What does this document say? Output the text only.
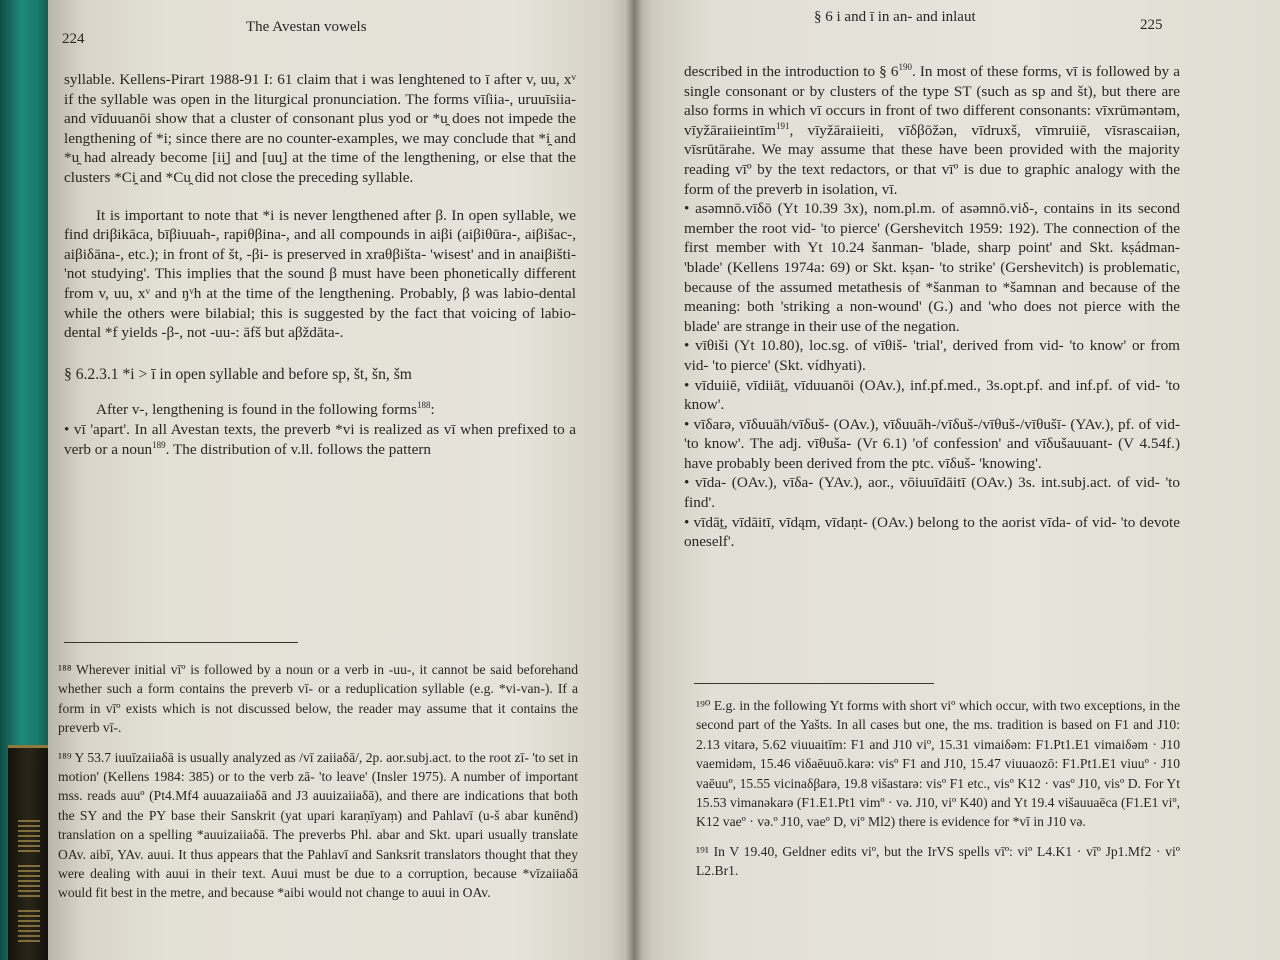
224
The Avestan vowels

syllable. Kellens-Pirart 1988-91 I: 61 claim that i was lenghtened to ī after v, uu, xᵛ if the syllable was open in the liturgical pronunciation. The forms vīſiia-, uruuīsiia- and vīduuanōi show that a cluster of consonant plus yod or *u̯ does not impede the lengthening of *i; since there are no counter-examples, we may conclude that *i̯ and *u̯ had already become [ii̯] and [uu̯] at the time of the lengthening, or else that the clusters *Ci̯ and *Cu̯ did not close the preceding syllable.

It is important to note that *i is never lengthened after β. In open syllable, we find driβikāca, bīβiuuah-, rapiθβina-, and all compounds in aiβi (aiβiθūra-, aiβišac-, aiβiδāna-, etc.); in front of št, -βi- is preserved in xraθβišta- 'wisest' and in anaiβišti- 'not studying'. This implies that the sound β must have been phonetically different from v, uu, xᵛ and ŋᵛh at the time of the lengthening. Probably, β was labio-dental while the others were bilabial; this is suggested by the fact that voicing of labio-dental *f yields -β-, not -uu-: āfš but aβždāta-.

§ 6.2.3.1 *i > ī in open syllable and before sp, št, šn, šm

After v-, lengthening is found in the following forms$^{188}$:

• vī 'apart'. In all Avestan texts, the preverb *vi is realized as vī when prefixed to a verb or a noun$^{189}$. The distribution of v.ll. follows the pattern

¹⁸⁸ Wherever initial vīº is followed by a noun or a verb in -uu-, it cannot be said beforehand whether such a form contains the preverb vī- or a reduplication syllable (e.g. *vi-van-). If a form in vīº exists which is not discussed below, the reader may assume that it contains the preverb vī-.

¹⁸⁹ Y 53.7 iuuīzaiiaδā is usually analyzed as /vī zaiiaδā/, 2p. aor.subj.act. to the root zī- 'to set in motion' (Kellens 1984: 385) or to the verb zā- 'to leave' (Insler 1975). A number of important mss. reads auuº (Pt4.Mf4 auuazaiiaδā and J3 auuizaiiaδā), and there are indications that both the SY and the PY base their Sanskrit (yat upari karaṇīyaṃ) and Pahlavī (u-š abar kunēnd) translation on a spelling *auuizaiiaδā. The preverbs Phl. abar and Skt. upari usually translate OAv. aibī, YAv. auui. It thus appears that the Pahlavī and Sanksrit translators thought that they were dealing with auui in their text. Auui must be due to a corruption, because *vīzaiiaδā would fit best in the metre, and because *aibi would not change to auui in OAv.

§ 6 i and ī in an- and inlaut	225

described in the introduction to § $6^{190}$. In most of these forms, vī is followed by a single consonant or by clusters of the type ST (such as sp and št), but there are also forms in which vī occurs in front of two different consonants: vīxrūmәntәm, vīyžāraiieintīm$^{191}$, vīyžāraiieiti, vīδβōžәn, vīdruxš, vīmruiiē, vīsrascaiiәn, vīsrūtārahe. We may assume that these have been provided with the majority reading vīº by the text redactors, or that vīº is due to graphic analogy with the form of the preverb in isolation, vī.

• asәmnō.vīδō (Yt 10.39 3x), nom.pl.m. of asәmnō.viδ-, contains in its second member the root vid- 'to pierce' (Gershevitch 1959: 192). The connection of the first member with Yt 10.24 šanman- 'blade, sharp point' and Skt. kṣádman- 'blade' (Kellens 1974a: 69) or Skt. kṣan- 'to strike' (Gershevitch) is problematic, because of the assumed metathesis of *šanman to *šamnan and because of the meaning: both 'striking a non-wound' (G.) and 'who does not pierce with the blade' are strange in their use of the negation.

• vīθiši (Yt 10.80), loc.sg. of vīθiš- 'trial', derived from vid- 'to know' or from vid- 'to pierce' (Skt. vídhyati).

• vīduiiē, vīdiiāṯ, vīduuanōi (OAv.), inf.pf.med., 3s.opt.pf. and inf.pf. of vid- 'to know'.

• vīδarә, vīδuuāh/vīδuš- (OAv.), vīδuuāh-/vīδuš-/vīθuš-/vīθušī- (YAv.), pf. of vid- 'to know'. The adj. vīθuša- (Vr 6.1) 'of confession' and vīδušauuant- (V 4.54f.) have probably been derived from the ptc. vīδuš- 'knowing'.

• vīda- (OAv.), vīδa- (YAv.), aor., vōiuuīdāitī (OAv.) 3s. int.subj.act. of vid- 'to find'.

• vīdāṯ, vīdāitī, vīdąm, vīdaṇt- (OAv.) belong to the aorist vīda- of vid- 'to devote oneself'.

¹⁹⁰ E.g. in the following Yt forms with short viº which occur, with two exceptions, in the second part of the Yašts. In all cases but one, the ms. tradition is based on F1 and J10: 2.13 vitarә, 5.62 viuuaitīm: F1 and J10 viº, 15.31 vimaiδәm: F1.Pt1.E1 vimaiδәm · J10 vaemidәm, 15.46 viδaēuuō.karә: visº F1 and J10, 15.47 viuuaozō: F1.Pt1.E1 viuuº · J10 vaēuuº, 15.55 vicinaδβarә, 19.8 višastarә: visº F1 etc., visº K12 · vasº J10, visº D. For Yt 15.53 vimanәkarә (F1.E1.Pt1 vimº · vә. J10, viº K40) and Yt 19.4 višauuaēca (F1.E1 viº, K12 vaeº · vә.º J10, vaeº D, viº Ml2) there is evidence for *vī in J10 vә.

¹⁹¹ In V 19.40, Geldner edits viº, but the IrVS spells vīº: viº L4.K1 · vīº Jp1.Mf2 · viº L2.Br1.
